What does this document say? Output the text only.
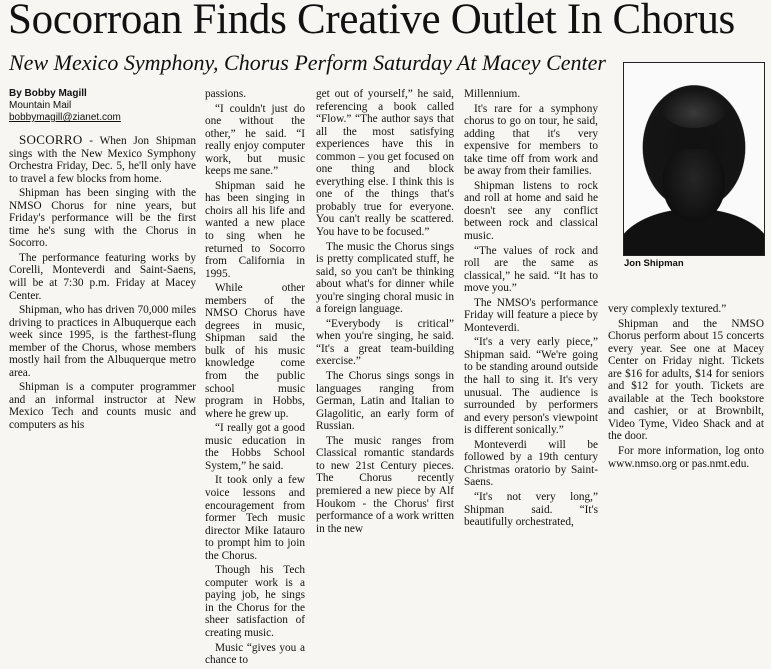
Socorroan Finds Creative Outlet In Chorus
New Mexico Symphony, Chorus Perform Saturday At Macey Center
By Bobby Magill
Mountain Mail
bobbymagill@zianet.com

SOCORRO - When Jon Shipman sings with the New Mexico Symphony Orchestra Friday, Dec. 5, he'll only have to travel a few blocks from home.

Shipman has been singing with the NMSO Chorus for nine years, but Friday's performance will be the first time he's sung with the Chorus in Socorro.

The performance featuring works by Corelli, Monteverdi and Saint-Saens, will be at 7:30 p.m. Friday at Macey Center.

Shipman, who has driven 70,000 miles driving to practices in Albuquerque each week since 1995, is the farthest-flung member of the Chorus, whose members mostly hail from the Albuquerque metro area.

Shipman is a computer programmer and an informal instructor at New Mexico Tech and counts music and computers as his

passions.

“I couldn't just do one without the other,” he said. “I really enjoy computer work, but music keeps me sane.”

Shipman said he has been singing in choirs all his life and wanted a new place to sing when he returned to Socorro from California in 1995.

While other members of the NMSO Chorus have degrees in music, Shipman said the bulk of his music knowledge come from the public school music program in Hobbs, where he grew up.

“I really got a good music education in the Hobbs School System,” he said.

It took only a few voice lessons and encouragement from former Tech music director Mike Iatauro to prompt him to join the Chorus.

Though his Tech computer work is a paying job, he sings in the Chorus for the sheer satisfaction of creating music.

Music “gives you a chance to

get out of yourself,” he said, referencing a book called “Flow.” “The author says that all the most satisfying experiences have this in common – you get focused on one thing and block everything else. I think this is one of the things that's probably true for everyone. You can't really be scattered. You have to be focused.”

The music the Chorus sings is pretty complicated stuff, he said, so you can't be thinking about what's for dinner while you're singing choral music in a foreign language.

“Everybody is critical” when you're singing, he said. “It's a great team-building exercise.”

The Chorus sings songs in languages ranging from German, Latin and Italian to Glagolitic, an early form of Russian.

The music ranges from Classical romantic standards to new 21st Century pieces. The Chorus recently premiered a new piece by Alf Houkom - the Chorus' first performance of a work written in the new

Millennium.

It's rare for a symphony chorus to go on tour, he said, adding that it's very expensive for members to take time off from work and be away from their families.

Shipman listens to rock and roll at home and said he doesn't see any conflict between rock and classical music.

“The values of rock and roll are the same as classical,” he said. “It has to move you.”

The NMSO's performance Friday will feature a piece by Monteverdi.

“It's a very early piece,” Shipman said. “We're going to be standing around outside the hall to sing it. It's very unusual. The audience is surrounded by performers and every person's viewpoint is different sonically.”

Monteverdi will be followed by a 19th century Christmas oratorio by Saint-Saens.

“It's not very long,” Shipman said. “It's beautifully orchestrated,

Jon Shipman

very complexly textured.”

Shipman and the NMSO Chorus perform about 15 concerts every year. See one at Macey Center on Friday night. Tickets are $16 for adults, $14 for seniors and $12 for youth. Tickets are available at the Tech bookstore and cashier, or at Brownbilt, Video Tyme, Video Shack and at the door.

For more information, log onto www.nmso.org or pas.nmt.edu.
